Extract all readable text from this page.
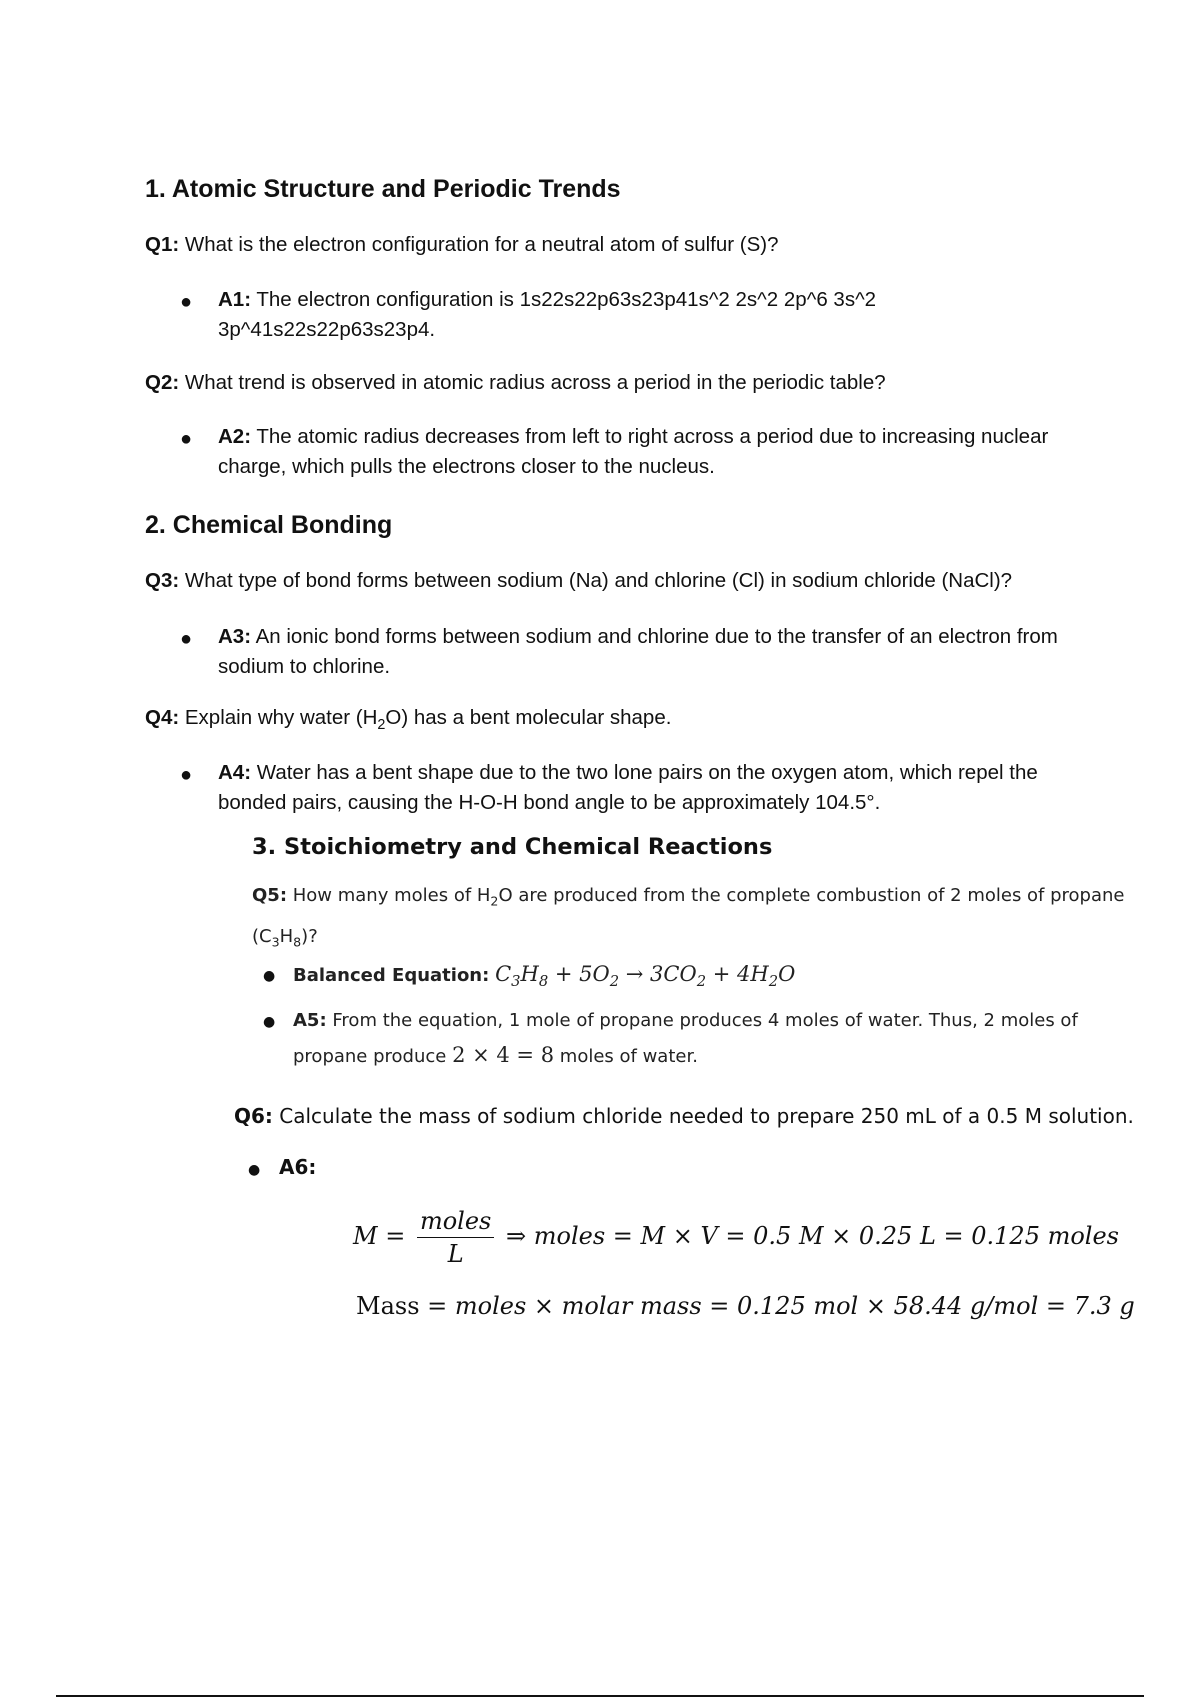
1. Atomic Structure and Periodic Trends

Q1: What is the electron configuration for a neutral atom of sulfur (S)?

● A1: The electron configuration is 1s22s22p63s23p41s^2 2s^2 2p^6 3s^2 3p^41s22s22p63s23p4.

Q2: What trend is observed in atomic radius across a period in the periodic table?

● A2: The atomic radius decreases from left to right across a period due to increasing nuclear charge, which pulls the electrons closer to the nucleus.

2. Chemical Bonding

Q3: What type of bond forms between sodium (Na) and chlorine (Cl) in sodium chloride (NaCl)?

● A3: An ionic bond forms between sodium and chlorine due to the transfer of an electron from sodium to chlorine.

Q4: Explain why water $(H_2O)$ has a bent molecular shape.

● A4: Water has a bent shape due to the two lone pairs on the oxygen atom, which repel the bonded pairs, causing the H-O-H bond angle to be approximately 104.5°.

3. Stoichiometry and Chemical Reactions

Q5: How many moles of $H_2O$ are produced from the complete combustion of 2 moles of propane $(C_3H_8)$?

● Balanced Equation: $C_3H_8 + 5O_2 \to 3CO_2 + 4H_2O$

● A5: From the equation, 1 mole of propane produces 4 moles of water. Thus, 2 moles of propane produce 2 × 4 = 8 moles of water.

Q6: Calculate the mass of sodium chloride needed to prepare 250 mL of a 0.5 M solution.

● A6:

$M = \frac{\text{moles}}{L}$ ⇒ moles = M × V = 0.5 M × 0.25 L = 0.125 moles
Mass = moles × molar mass = 0.125 mol × 58.44 g/mol = 7.3 g
